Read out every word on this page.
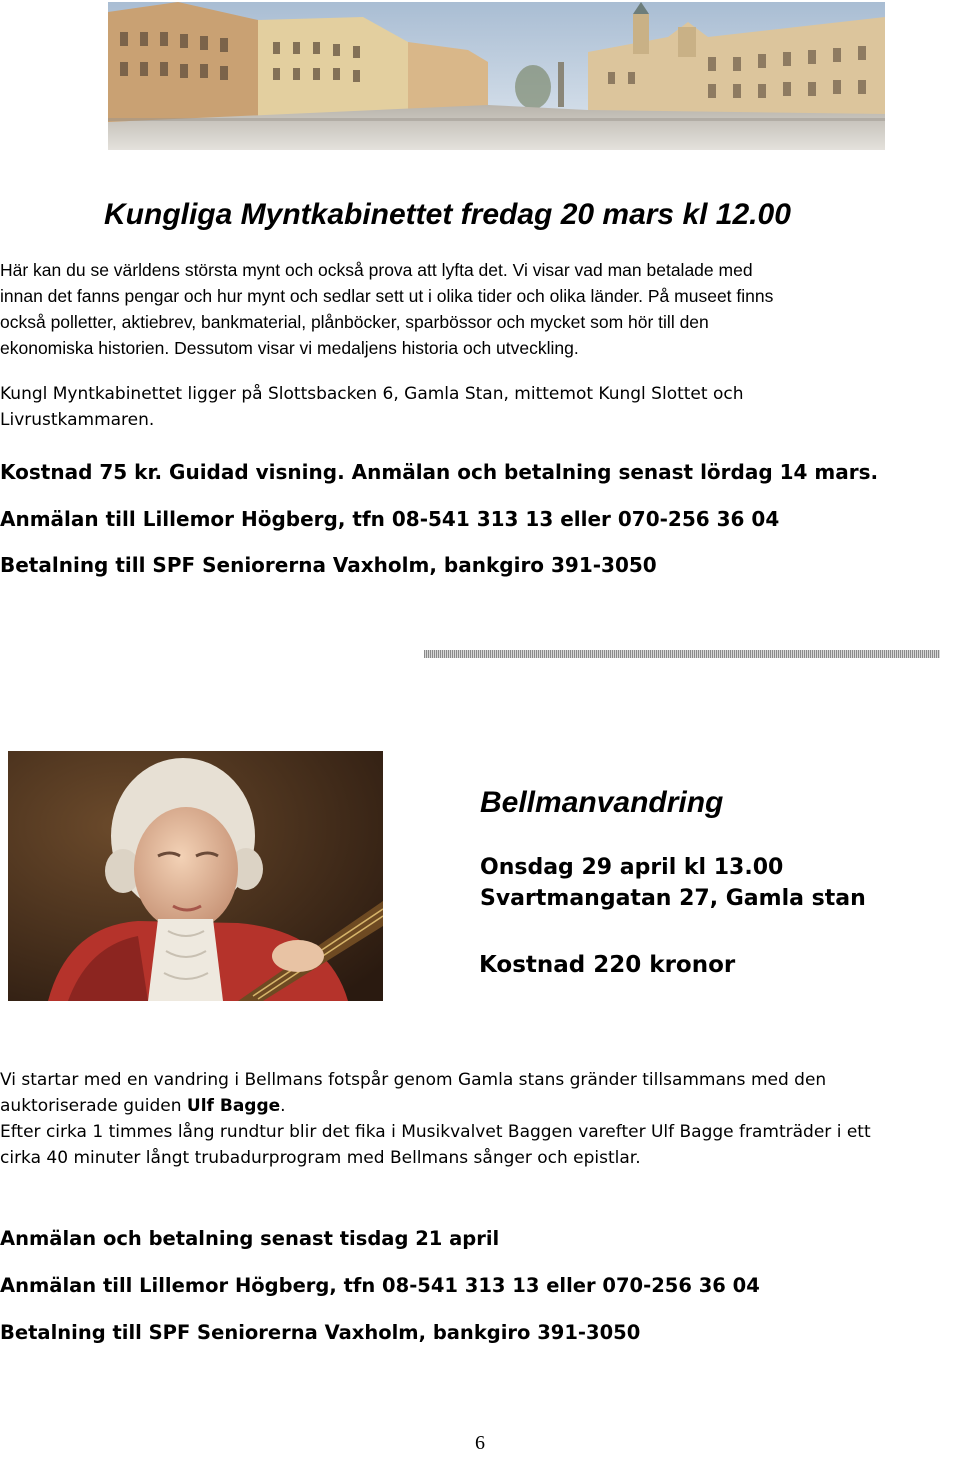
Kungliga Myntkabinettet fredag 20 mars kl 12.00

Här kan du se världens största mynt och också prova att lyfta det. Vi visar vad man betalade med

innan det fanns pengar och hur mynt och sedlar sett ut i olika tider och olika länder. På museet finns

också polletter, aktiebrev, bankmaterial, plånböcker, sparbössor och mycket som hör till den

ekonomiska historien. Dessutom visar vi medaljens historia och utveckling.

Kungl Myntkabinettet ligger på Slottsbacken 6, Gamla Stan, mittemot Kungl Slottet och

Livrustkammaren.

Kostnad 75 kr. Guidad visning. Anmälan och betalning senast lördag 14 mars.

Anmälan till Lillemor Högberg, tfn 08-541 313 13 eller 070-256 36 04

Betalning till SPF Seniorerna Vaxholm, bankgiro 391-3050

Bellmanvandring

Onsdag 29 april kl 13.00

Svartmangatan 27, Gamla stan

Kostnad 220 kronor

Vi startar med en vandring i Bellmans fotspår genom Gamla stans gränder tillsammans med den

auktoriserade guiden Ulf Bagge.

Efter cirka 1 timmes lång rundtur blir det fika i Musikvalvet Baggen varefter Ulf Bagge framträder i ett

cirka 40 minuter långt trubadurprogram med Bellmans sånger och epistlar.

Anmälan och betalning senast tisdag 21 april

Anmälan till Lillemor Högberg, tfn 08-541 313 13 eller 070-256 36 04

Betalning till SPF Seniorerna Vaxholm, bankgiro 391-3050

6
